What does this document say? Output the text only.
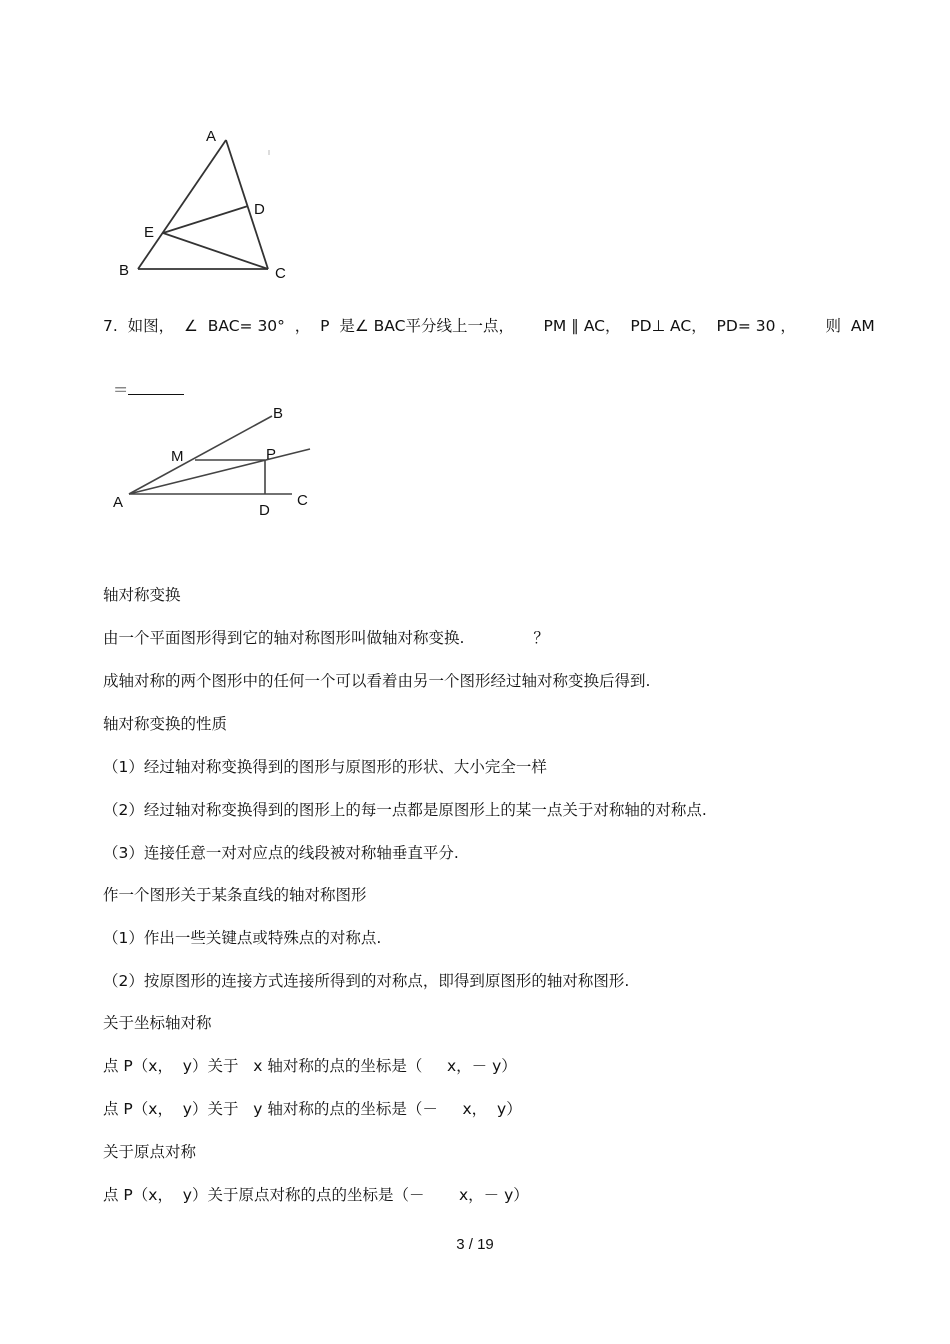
A
D
E
B	C
7.  如图，  ∠  BAC= 30°  ，  P  是∠ BAC平分线上一点，      PM ∥ AC，  PD⊥ AC，  PD= 30 ，      则  AM

＝

B
M	P
A	D
C
轴对称变换
由一个平面图形得到它的轴对称图形叫做轴对称变换.              ？
成轴对称的两个图形中的任何一个可以看着由另一个图形经过轴对称变换后得到.
轴对称变换的性质
（1）经过轴对称变换得到的图形与原图形的形状、大小完全一样
（2）经过轴对称变换得到的图形上的每一点都是原图形上的某一点关于对称轴的对称点.
（3）连接任意一对对应点的线段被对称轴垂直平分.
作一个图形关于某条直线的轴对称图形
（1）作出一些关键点或特殊点的对称点.
（2）按原图形的连接方式连接所得到的对称点，即得到原图形的轴对称图形.
关于坐标轴对称
点 P（x，  y）关于   x 轴对称的点的坐标是（     x，－ y）
点 P（x，  y）关于   y 轴对称的点的坐标是（－     x，  y）
关于原点对称
点 P（x，  y）关于原点对称的点的坐标是（－       x，－ y）
3 / 19
